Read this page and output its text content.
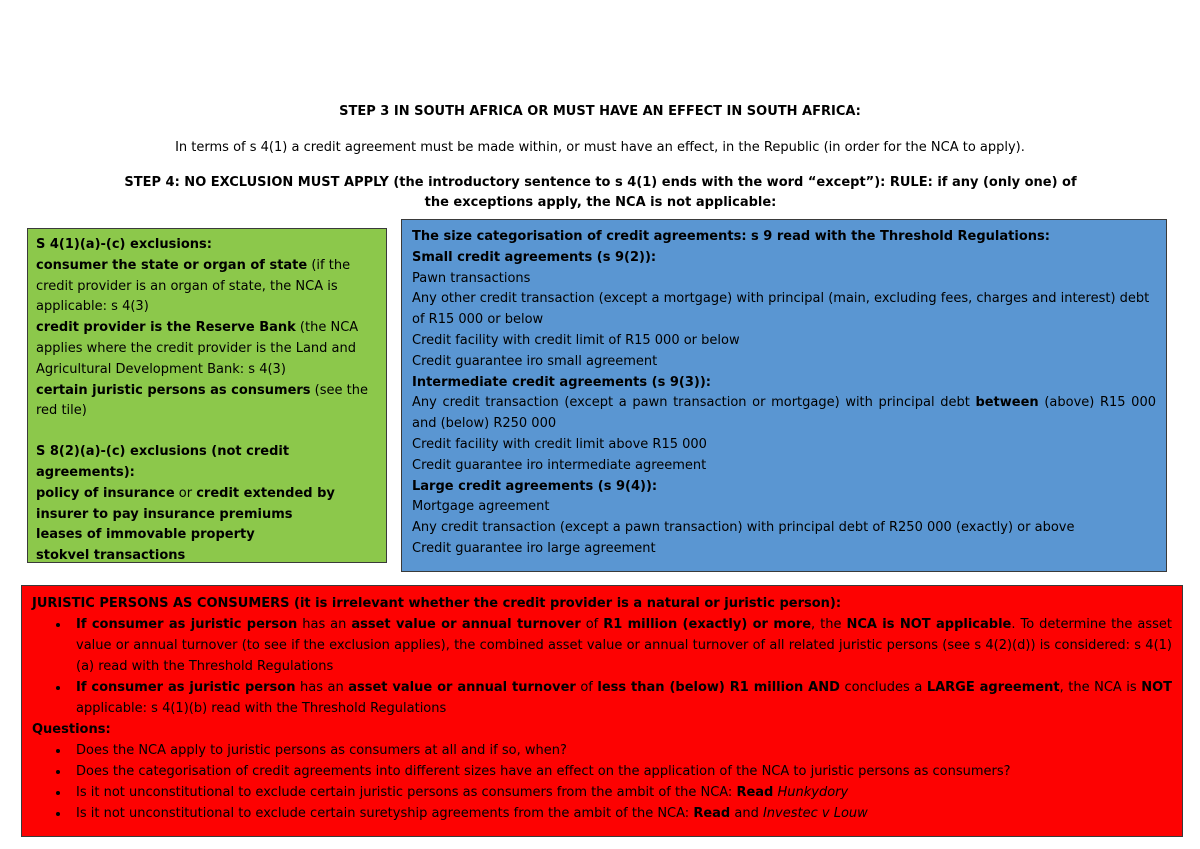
STEP 3 IN SOUTH AFRICA OR MUST HAVE AN EFFECT IN SOUTH AFRICA:
In terms of s 4(1) a credit agreement must be made within, or must have an effect, in the Republic (in order for the NCA to apply).
STEP 4: NO EXCLUSION MUST APPLY (the introductory sentence to s 4(1) ends with the word “except”): RULE: if any (only one) of the exceptions apply, the NCA is not applicable:
S 4(1)(a)-(c) exclusions:
consumer the state or organ of state (if the credit provider is an organ of state, the NCA is applicable: s 4(3)
credit provider is the Reserve Bank (the NCA applies where the credit provider is the Land and Agricultural Development Bank: s 4(3)
certain juristic persons as consumers (see the red tile)
S 8(2)(a)-(c) exclusions (not credit agreements):
policy of insurance or credit extended by insurer to pay insurance premiums
leases of immovable property
stokvel transactions
The size categorisation of credit agreements: s 9 read with the Threshold Regulations:
Small credit agreements (s 9(2)):
Pawn transactions
Any other credit transaction (except a mortgage) with principal (main, excluding fees, charges and interest) debt of R15 000 or below
Credit facility with credit limit of R15 000 or below
Credit guarantee iro small agreement
Intermediate credit agreements (s 9(3)):
Any credit transaction (except a pawn transaction or mortgage) with principal debt between (above) R15 000 and (below) R250 000
Credit facility with credit limit above R15 000
Credit guarantee iro intermediate agreement
Large credit agreements (s 9(4)):
Mortgage agreement
Any credit transaction (except a pawn transaction) with principal debt of R250 000 (exactly) or above
Credit guarantee iro large agreement
JURISTIC PERSONS AS CONSUMERS (it is irrelevant whether the credit provider is a natural or juristic person):
• If consumer as juristic person has an asset value or annual turnover of R1 million (exactly) or more, the NCA is NOT applicable. To determine the asset value or annual turnover (to see if the exclusion applies), the combined asset value or annual turnover of all related juristic persons (see s 4(2)(d)) is considered: s 4(1)(a) read with the Threshold Regulations
• If consumer as juristic person has an asset value or annual turnover of less than (below) R1 million AND concludes a LARGE agreement, the NCA is NOT applicable: s 4(1)(b) read with the Threshold Regulations
Questions:
• Does the NCA apply to juristic persons as consumers at all and if so, when?
• Does the categorisation of credit agreements into different sizes have an effect on the application of the NCA to juristic persons as consumers?
• Is it not unconstitutional to exclude certain juristic persons as consumers from the ambit of the NCA: Read Hunkydory
• Is it not unconstitutional to exclude certain suretyship agreements from the ambit of the NCA: Read and Investec v Louw
